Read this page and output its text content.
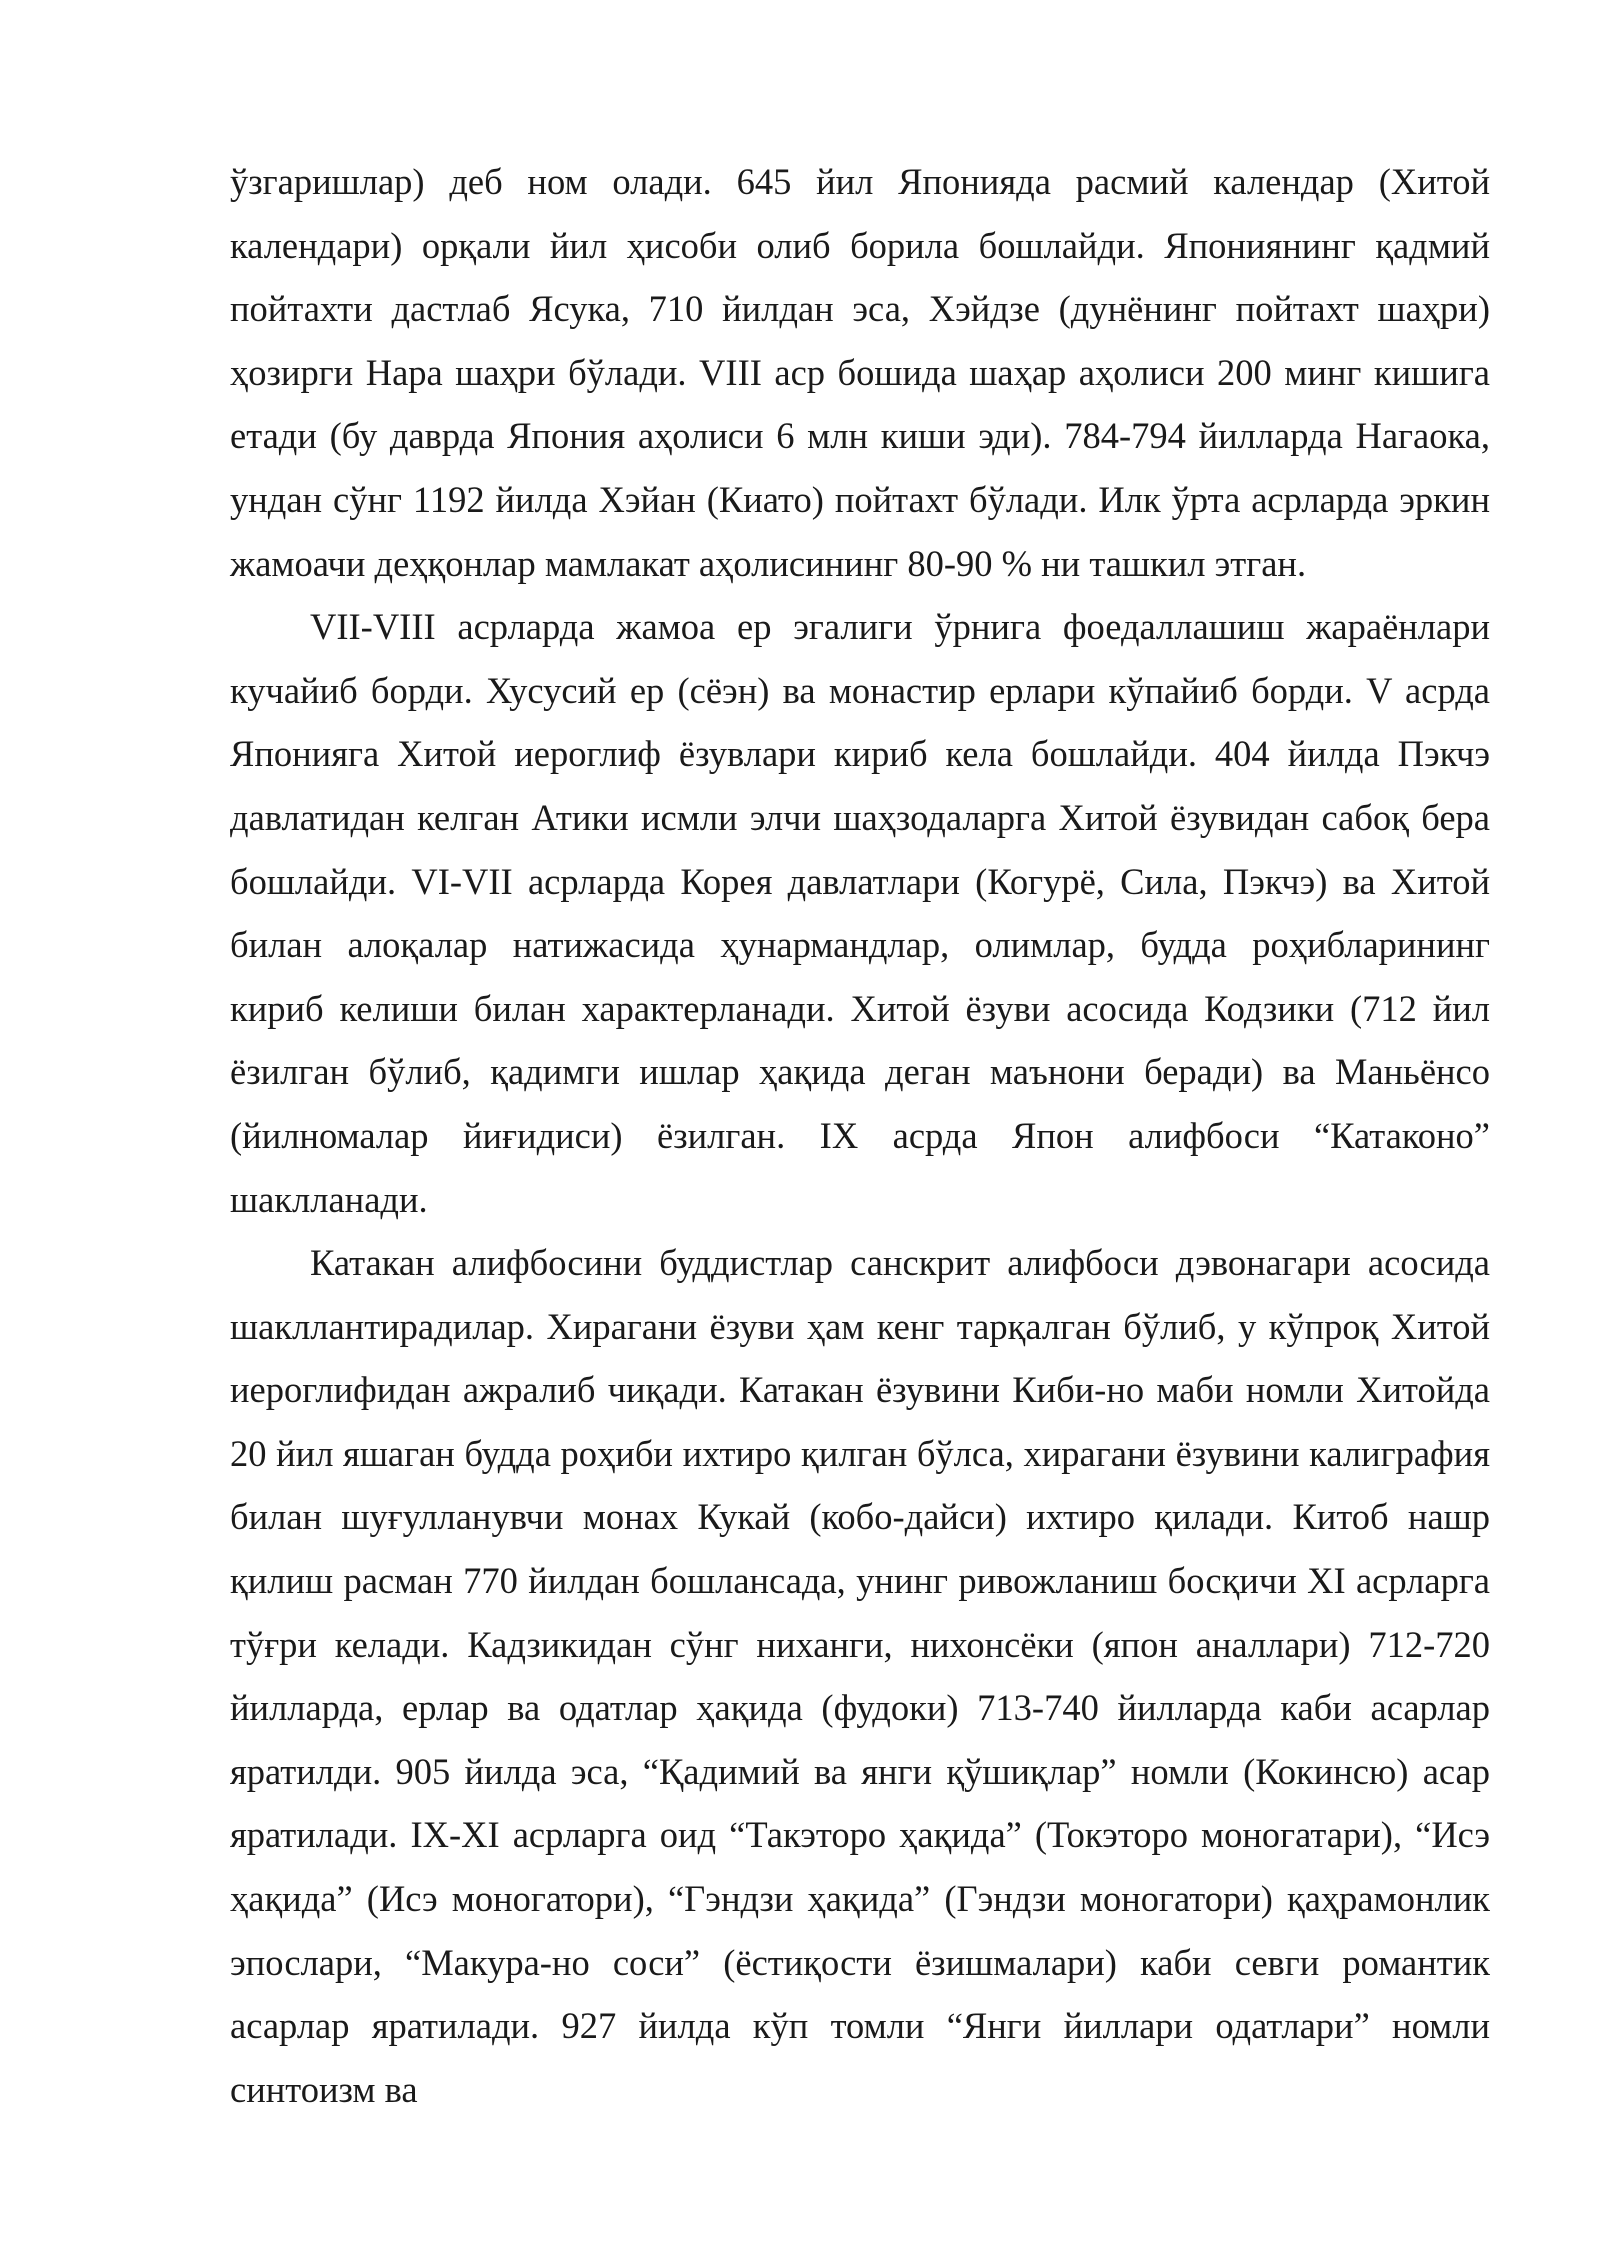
ўзгаришлар) деб ном олади. 645 йил Японияда расмий календар (Хитой календари) орқали йил ҳисоби олиб борила бошлайди. Япониянинг қадмий пойтахти дастлаб Ясука, 710 йилдан эса, Хэйдзе (дунёнинг пойтахт шаҳри) ҳозирги Нара шаҳри бўлади. VIII аср бошида шаҳар аҳолиси 200 минг кишига етади (бу даврда Япония аҳолиси 6 млн киши эди). 784-794 йилларда Нагаока, ундан сўнг 1192 йилда Хэйан (Киато) пойтахт бўлади. Илк ўрта асрларда эркин жамоачи деҳқонлар мамлакат аҳолисининг 80-90 % ни ташкил этган.

VII-VIII асрларда жамоа ер эгалиги ўрнига фоедаллашиш жараёнлари кучайиб борди. Хусусий ер (сёэн) ва монастир ерлари кўпайиб борди. V асрда Японияга Хитой иероглиф ёзувлари кириб кела бошлайди. 404 йилда Пэкчэ давлатидан келган Атики исмли элчи шаҳзодаларга Хитой ёзувидан сабоқ бера бошлайди. VI-VII асрларда Корея давлатлари (Когурё, Сила, Пэкчэ) ва Хитой билан алоқалар натижасида ҳунармандлар, олимлар, будда роҳибларининг кириб келиши билан характерланади. Хитой ёзуви асосида Кодзики (712 йил ёзилган бўлиб, қадимги ишлар ҳақида деган маънони беради) ва Маньёнсо (йилномалар йиғидиси) ёзилган. IX асрда Япон алифбоси “Катаконо” шаклланади.

Катакан алифбосини буддистлар санскрит алифбоси дэвонагари асосида шакллантирадилар. Хирагани ёзуви ҳам кенг тарқалган бўлиб, у кўпроқ Хитой иероглифидан ажралиб чиқади. Катакан ёзувини Киби-но маби номли Хитойда 20 йил яшаган будда роҳиби ихтиро қилган бўлса, хирагани ёзувини калиграфия билан шуғулланувчи монах Кукай (кобо-дайси) ихтиро қилади. Китоб нашр қилиш расман 770 йилдан бошлансада, унинг ривожланиш босқичи XI асрларга тўғри келади. Кадзикидан сўнг ниханги, нихонсёки (япон аналлари) 712-720 йилларда, ерлар ва одатлар ҳақида (фудоки) 713-740 йилларда каби асарлар яратилди. 905 йилда эса, “Қадимий ва янги қўшиқлар” номли (Кокинсю) асар яратилади. IX-XI асрларга оид “Такэторо ҳақида” (Токэторо моногатари), “Исэ ҳақида” (Исэ моногатори), “Гэндзи ҳақида” (Гэндзи моногатори) қаҳрамонлик эпослари, “Макура-но соси” (ёстиқости ёзишмалари) каби севги романтик асарлар яратилади. 927 йилда кўп томли “Янги йиллари одатлари” номли синтоизм ва
